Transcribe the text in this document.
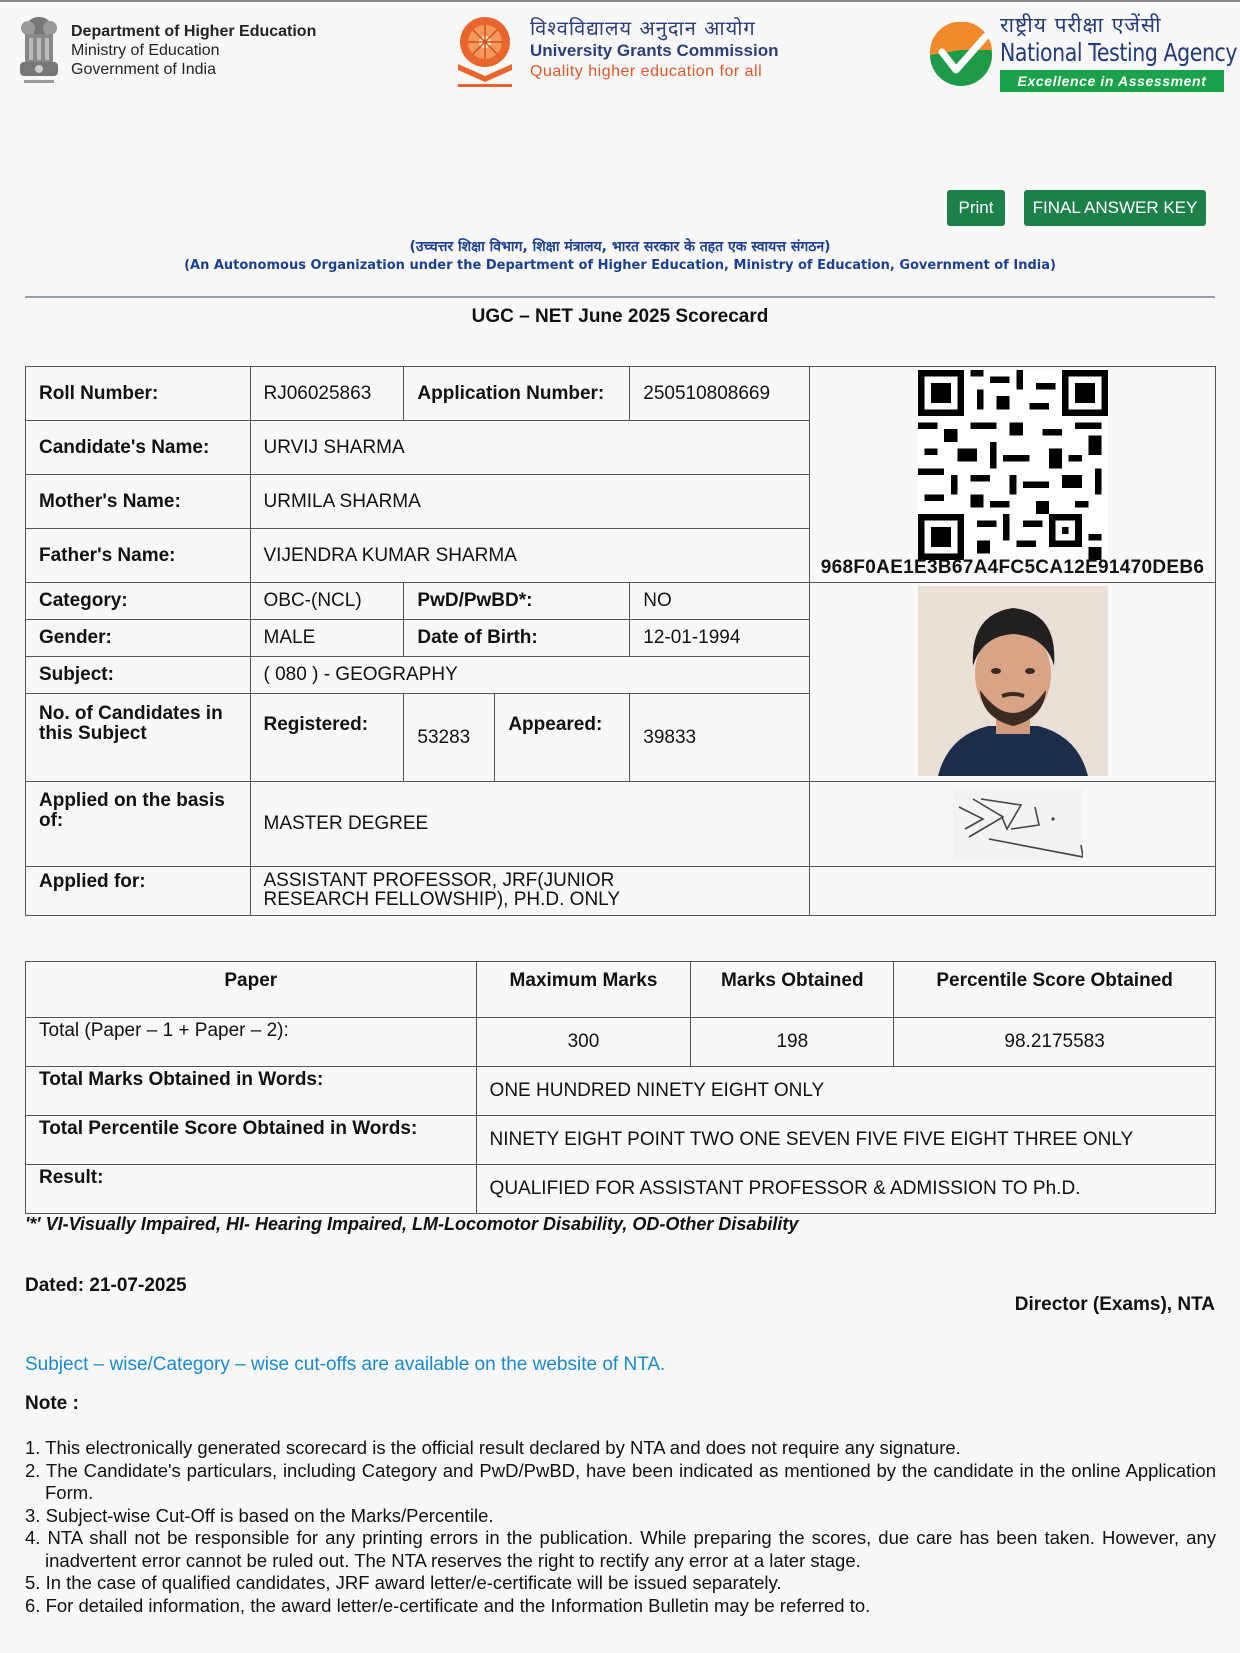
Department of Higher Education
Ministry of Education
Government of India
विश्वविद्यालय अनुदान आयोग
University Grants Commission
Quality higher education for all
राष्ट्रीय परीक्षा एजेंसी
National Testing Agency
Excellence in Assessment
Print	FINAL ANSWER KEY
(उच्चत्तर शिक्षा विभाग, शिक्षा मंत्रालय, भारत सरकार के तहत एक स्वायत्त संगठन)
(An Autonomous Organization under the Department of Higher Education, Ministry of Education, Government of India)
UGC – NET June 2025 Scorecard
Roll Number:	RJ06025863	Application Number:		250510808669	968F0AE1E3B67A4FC5CA12E91470DEB6

Candidate's Name:	URVIJ SHARMA				
Mother's Name:	URMILA SHARMA				
Father's Name:	VIJENDRA KUMAR SHARMA				
Category:	OBC-(NCL)	PwD/PwBD*:		NO	

Gender:	MALE	Date of Birth:		12-01-1994	
Subject:	( 080 ) - GEOGRAPHY				
No. of Candidates in this Subject	Registered:	53283	Appeared:	39833	
Applied on the basis of:	MASTER DEGREE	

Applied for:	ASSISTANT PROFESSOR, JRF(JUNIOR RESEARCH FELLOWSHIP), PH.D. ONLY				
Paper	Maximum Marks	Marks Obtained	Percentile Score Obtained
Total (Paper – 1 + Paper – 2):	300	198	98.2175583
Total Marks Obtained in Words:	ONE HUNDRED NINETY EIGHT ONLY		
Total Percentile Score Obtained in Words:	NINETY EIGHT POINT TWO ONE SEVEN FIVE FIVE EIGHT THREE ONLY		
Result:	QUALIFIED FOR ASSISTANT PROFESSOR & ADMISSION TO Ph.D.		
'*' VI-Visually Impaired, HI- Hearing Impaired, LM-Locomotor Disability, OD-Other Disability
Dated: 21-07-2025
Director (Exams), NTA
Subject – wise/Category – wise cut-offs are available on the website of NTA.
Note :
1. This electronically generated scorecard is the official result declared by NTA and does not require any signature.
2. The Candidate's particulars, including Category and PwD/PwBD, have been indicated as mentioned by the candidate in the online Application Form.
3. Subject-wise Cut-Off is based on the Marks/Percentile.
4. NTA shall not be responsible for any printing errors in the publication. While preparing the scores, due care has been taken. However, any inadvertent error cannot be ruled out. The NTA reserves the right to rectify any error at a later stage.
5. In the case of qualified candidates, JRF award letter/e-certificate will be issued separately.
6. For detailed information, the award letter/e-certificate and the Information Bulletin may be referred to.
